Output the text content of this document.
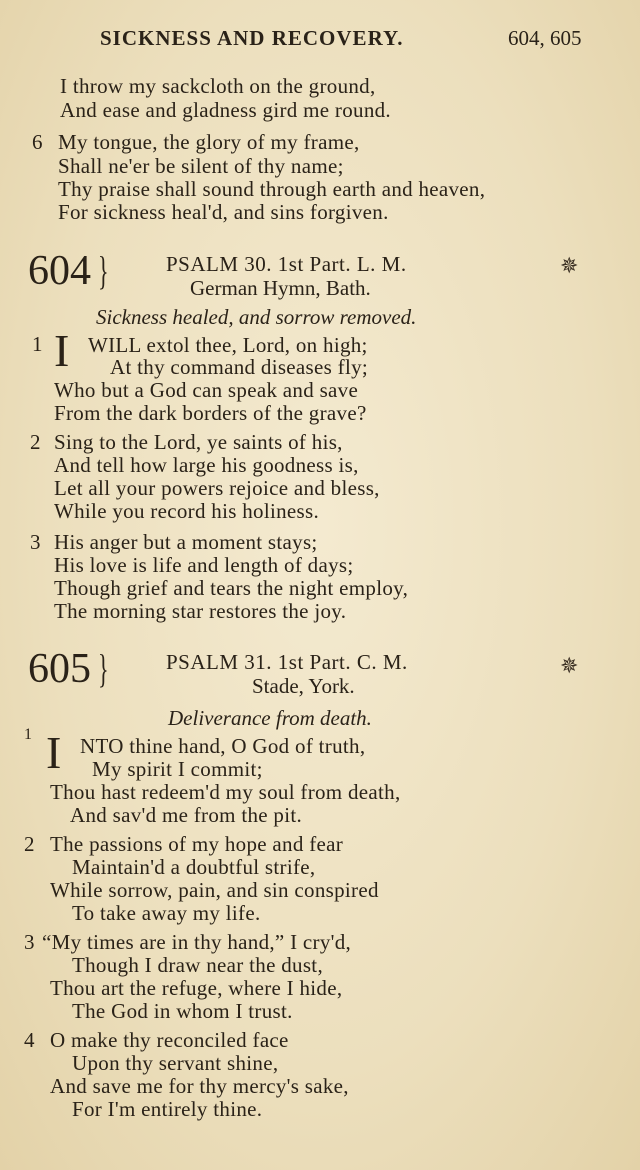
SICKNESS AND RECOVERY.	604, 605
I throw my sackcloth on the ground,
And ease and gladness gird me round.
6 My tongue, the glory of my frame,
Shall ne'er be silent of thy name;
Thy praise shall sound through earth and heaven,
For sickness heal'd, and sins forgiven.
604 }	PSALM 30. 1st Part. L. M.
German Hymn, Bath.
✵
Sickness healed, and sorrow removed.
1 I WILL extol thee, Lord, on high;
At thy command diseases fly;
Who but a God can speak and save
From the dark borders of the grave?
2 Sing to the Lord, ye saints of his,
And tell how large his goodness is,
Let all your powers rejoice and bless,
While you record his holiness.
3 His anger but a moment stays;
His love is life and length of days;
Though grief and tears the night employ,
The morning star restores the joy.
605 }	PSALM 31. 1st Part. C. M.
Stade, York.
✵
Deliverance from death.
1 I NTO thine hand, O God of truth,
My spirit I commit;
Thou hast redeem'd my soul from death,
And sav'd me from the pit.
2 The passions of my hope and fear
Maintain'd a doubtful strife,
While sorrow, pain, and sin conspired
To take away my life.
3 “My times are in thy hand,” I cry'd,
Though I draw near the dust,
Thou art the refuge, where I hide,
The God in whom I trust.
4 O make thy reconciled face
Upon thy servant shine,
And save me for thy mercy's sake,
For I'm entirely thine.
